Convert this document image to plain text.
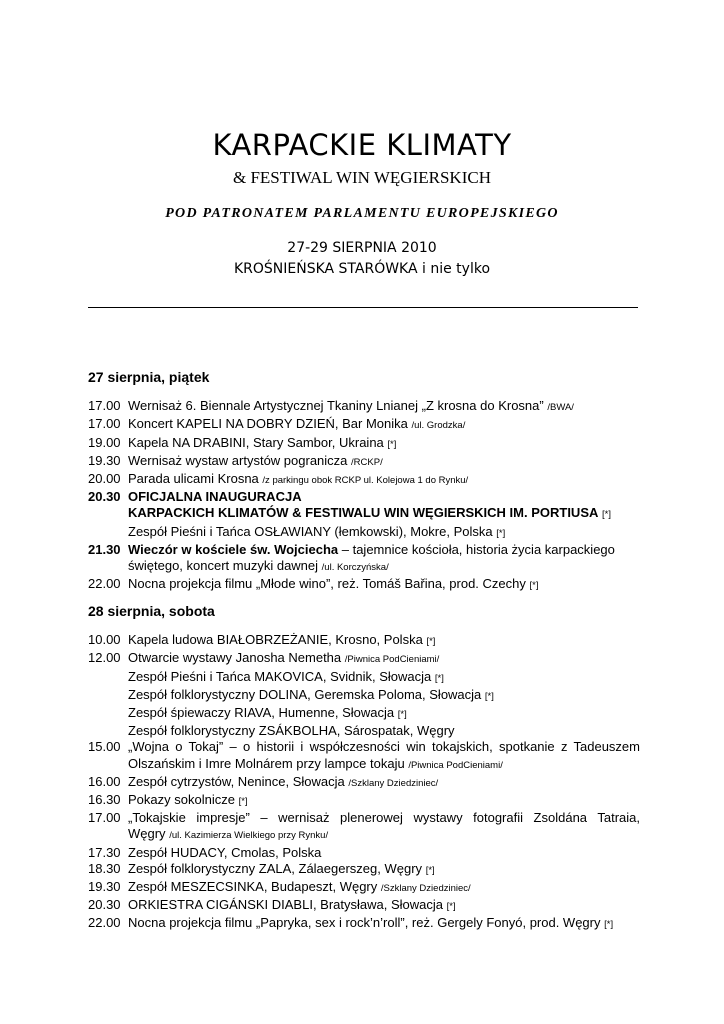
KARPACKIE KLIMATY
& FESTIWAL WIN WĘGIERSKICH
POD PATRONATEM PARLAMENTU EUROPEJSKIEGO
27-29 SIERPNIA 2010
KROŚNIEŃSKA STARÓWKA i nie tylko
27 sierpnia, piątek
17.00 Wernisaż 6. Biennale Artystycznej Tkaniny Lnianej „Z krosna do Krosna” /BWA/
17.00 Koncert KAPELI NA DOBRY DZIEŃ, Bar Monika /ul. Grodzka/
19.00 Kapela NA DRABINI, Stary Sambor, Ukraina [*]
19.30 Wernisaż wystaw artystów pogranicza /RCKP/
20.00 Parada ulicami Krosna /z parkingu obok RCKP ul. Kolejowa 1 do Rynku/
20.30 OFICJALNA INAUGURACJA
KARPACKICH KLIMATÓW & FESTIWALU WIN WĘGIERSKICH IM. PORTIUSA [*]
Zespół Pieśni i Tańca OSŁAWIANY (łemkowski), Mokre, Polska [*]
21.30 Wieczór w kościele św. Wojciecha – tajemnice kościoła, historia życia karpackiego
świętego, koncert muzyki dawnej /ul. Korczyńska/
22.00 Nocna projekcja filmu „Młode wino”, reż. Tomáš Bařina, prod. Czechy [*]
28 sierpnia, sobota
10.00 Kapela ludowa BIAŁOBRZEŻANIE, Krosno, Polska [*]
12.00 Otwarcie wystawy Janosha Nemetha /Piwnica PodCieniami/
Zespół Pieśni i Tańca MAKOVICA, Svidnik, Słowacja [*]
Zespół folklorystyczny DOLINA, Geremska Poloma, Słowacja [*]
Zespół śpiewaczy RIAVA, Humenne, Słowacja [*]
Zespół folklorystyczny ZSÁKBOLHA, Sárospatak, Węgry
15.00 „Wojna o Tokaj” – o historii i współczesności win tokajskich, spotkanie z Tadeuszem
Olszańskim i Imre Molnárem przy lampce tokaju /Piwnica PodCieniami/
16.00 Zespół cytrzystów, Nenince, Słowacja /Szklany Dziedziniec/
16.30 Pokazy sokolnicze [*]
17.00 „Tokajskie impresje” – wernisaż plenerowej wystawy fotografii Zsoldána Tatraia,
Węgry /ul. Kazimierza Wielkiego przy Rynku/
17.30 Zespół HUDACY, Cmolas, Polska
18.30 Zespół folklorystyczny ZALA, Zálaegerszeg, Węgry [*]
19.30 Zespół MESZECSINKA, Budapeszt, Węgry /Szklany Dziedziniec/
20.30 ORKIESTRA CIGÁNSKI DIABLI, Bratysława, Słowacja [*]
22.00 Nocna projekcja filmu „Papryka, sex i rock’n’roll”, reż. Gergely Fonyó, prod. Węgry [*]
